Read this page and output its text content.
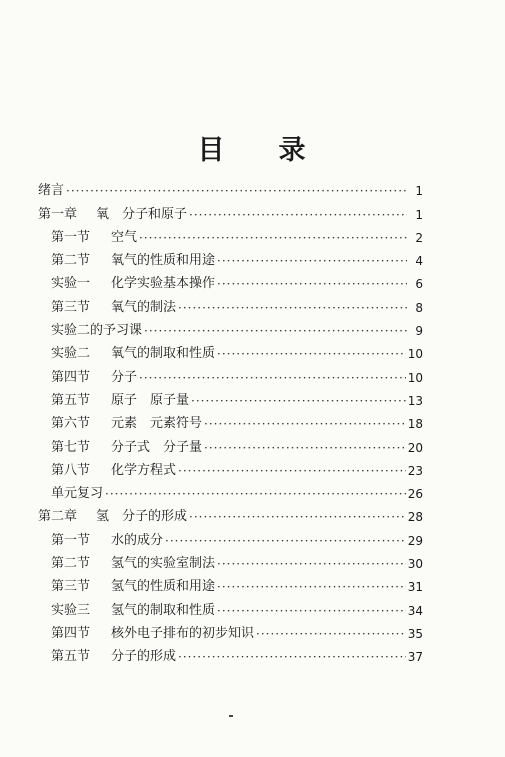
目 录
绪言 ·····	1
第一章 氧　分子和原子 ·····	1
第一节 空气 ·····	2
第二节 氧气的性质和用途 ·····	4
实验一 化学实验基本操作 ·····	6
第三节 氧气的制法 ·····	8
实验二的予习课 ·····	9
实验二 氧气的制取和性质 ·····	10
第四节 分子 ·····	10
第五节 原子　原子量 ·····	13
第六节 元素　元素符号 ·····	18
第七节 分子式　分子量 ·····	20
第八节 化学方程式 ·····	23
单元复习 ·····	26
第二章 氢　分子的形成 ·····	28
第一节 水的成分 ·····	29
第二节 氢气的实验室制法 ·····	30
第三节 氢气的性质和用途 ·····	31
实验三 氢气的制取和性质 ·····	34
第四节 核外电子排布的初步知识 ·····	35
第五节 分子的形成 ·····	37
